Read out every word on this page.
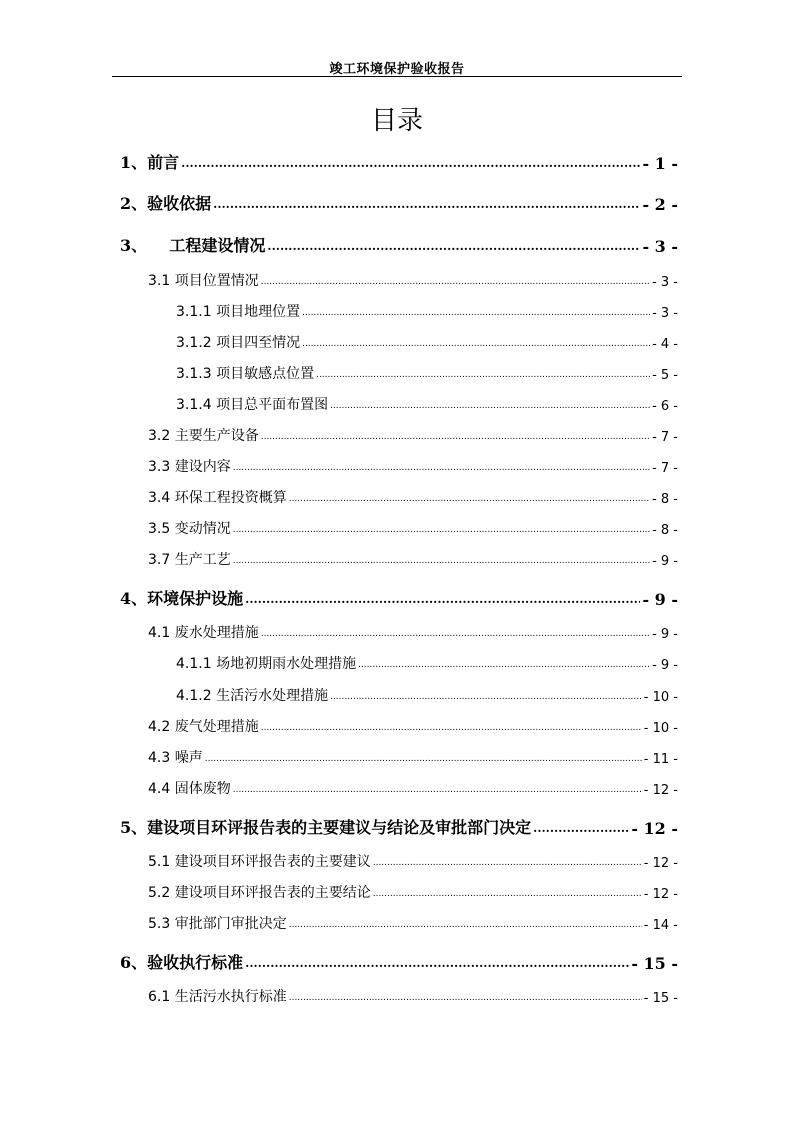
竣工环境保护验收报告
目录
1、前言 .....	- 1 -
2、验收依据 .....	- 2 -
3、    工程建设情况 .....	- 3 -
3.1 项目位置情况 .....	- 3 -
3.1.1 项目地理位置 .....	- 3 -
3.1.2 项目四至情况 .....	- 4 -
3.1.3 项目敏感点位置 .....	- 5 -
3.1.4 项目总平面布置图 .....	- 6 -
3.2 主要生产设备 .....	- 7 -
3.3 建设内容 .....	- 7 -
3.4 环保工程投资概算 .....	- 8 -
3.5 变动情况 .....	- 8 -
3.7 生产工艺 .....	- 9 -
4、环境保护设施 .....	- 9 -
4.1 废水处理措施 .....	- 9 -
4.1.1 场地初期雨水处理措施 .....	- 9 -
4.1.2 生活污水处理措施 .....	- 10 -
4.2 废气处理措施 .....	- 10 -
4.3 噪声 .....	- 11 -
4.4 固体废物 .....	- 12 -
5、建设项目环评报告表的主要建议与结论及审批部门决定 .....	- 12 -
5.1 建设项目环评报告表的主要建议 .....	- 12 -
5.2 建设项目环评报告表的主要结论 .....	- 12 -
5.3 审批部门审批决定 .....	- 14 -
6、验收执行标准 .....	- 15 -
6.1 生活污水执行标准 .....	- 15 -
